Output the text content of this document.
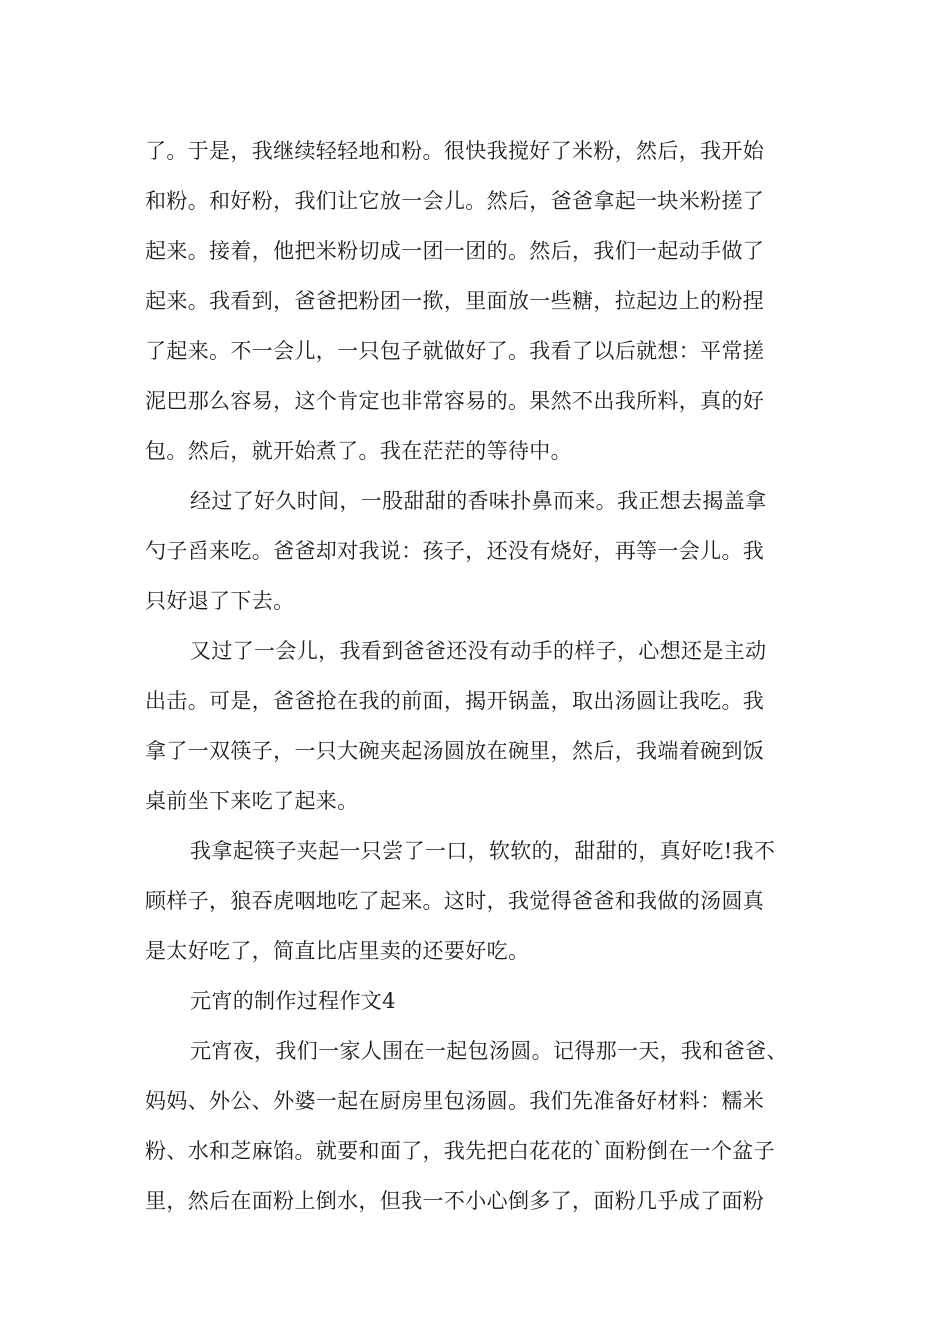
了。于是，我继续轻轻地和粉。很快我搅好了米粉，然后，我开始
和粉。和好粉，我们让它放一会儿。然后，爸爸拿起一块米粉搓了
起来。接着，他把米粉切成一团一团的。然后，我们一起动手做了
起来。我看到，爸爸把粉团一揿，里面放一些糖，拉起边上的粉捏
了起来。不一会儿，一只包子就做好了。我看了以后就想：平常搓
泥巴那么容易，这个肯定也非常容易的。果然不出我所料，真的好
包。然后，就开始煮了。我在茫茫的等待中。
经过了好久时间，一股甜甜的香味扑鼻而来。我正想去揭盖拿
勺子舀来吃。爸爸却对我说：孩子，还没有烧好，再等一会儿。我
只好退了下去。
又过了一会儿，我看到爸爸还没有动手的样子，心想还是主动
出击。可是，爸爸抢在我的前面，揭开锅盖，取出汤圆让我吃。我
拿了一双筷子，一只大碗夹起汤圆放在碗里，然后，我端着碗到饭
桌前坐下来吃了起来。
我拿起筷子夹起一只尝了一口，软软的，甜甜的，真好吃!我不
顾样子，狼吞虎咽地吃了起来。这时，我觉得爸爸和我做的汤圆真
是太好吃了，简直比店里卖的还要好吃。
元宵的制作过程作文4
元宵夜，我们一家人围在一起包汤圆。记得那一天，我和爸爸、
妈妈、外公、外婆一起在厨房里包汤圆。我们先准备好材料：糯米
粉、水和芝麻馅。就要和面了，我先把白花花的`面粉倒在一个盆子
里，然后在面粉上倒水，但我一不小心倒多了，面粉几乎成了面粉
